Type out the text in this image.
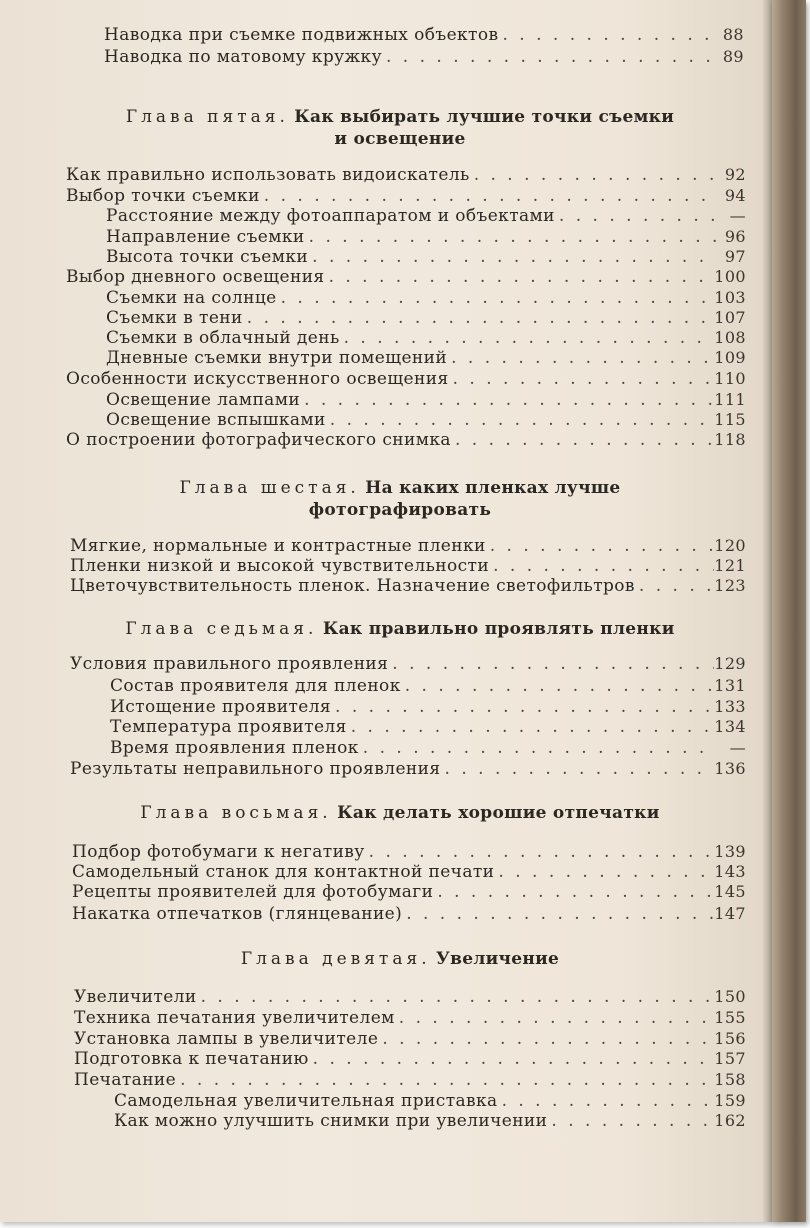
Наводка при съемке подвижных объектов . . .	88
Наводка по матовому кружку . . .	89
Глава пятая. Как выбирать лучшие точки съемки
и освещение
Как правильно использовать видоискатель . . .	92
Выбор точки съемки . . .	94
Расстояние между фотоаппаратом и объектами . . .	—
Направление съемки . . .	96
Высота точки съемки . . .	97
Выбор дневного освещения . . .	100
Съемки на солнце . . .	103
Съемки в тени . . .	107
Съемки в облачный день . . .	108
Дневные съемки внутри помещений . . .	109
Особенности искусственного освещения . . .	110
Освещение лампами . . .	111
Освещение вспышками . . .	115
О построении фотографического снимка . . .	118
Глава шестая. На каких пленках лучше
фотографировать
Мягкие, нормальные и контрастные пленки . . .	120
Пленки низкой и высокой чувствительности . . .	121
Цветочувствительность пленок. Назначение светофильтров . . .	123
Глава седьмая. Как правильно проявлять пленки
Условия правильного проявления . . .	129
Состав проявителя для пленок . . .	131
Истощение проявителя . . .	133
Температура проявителя . . .	134
Время проявления пленок . . .	—
Результаты неправильного проявления . . .	136
Глава восьмая. Как делать хорошие отпечатки
Подбор фотобумаги к негативу . . .	139
Самодельный станок для контактной печати . . .	143
Рецепты проявителей для фотобумаги . . .	145
Накатка отпечатков (глянцевание) . . .	147
Глава девятая. Увеличение
Увеличители . . .	150
Техника печатания увеличителем . . .	155
Установка лампы в увеличителе . . .	156
Подготовка к печатанию . . .	157
Печатание . . .	158
Самодельная увеличительная приставка . . .	159
Как можно улучшить снимки при увеличении . . .	162
